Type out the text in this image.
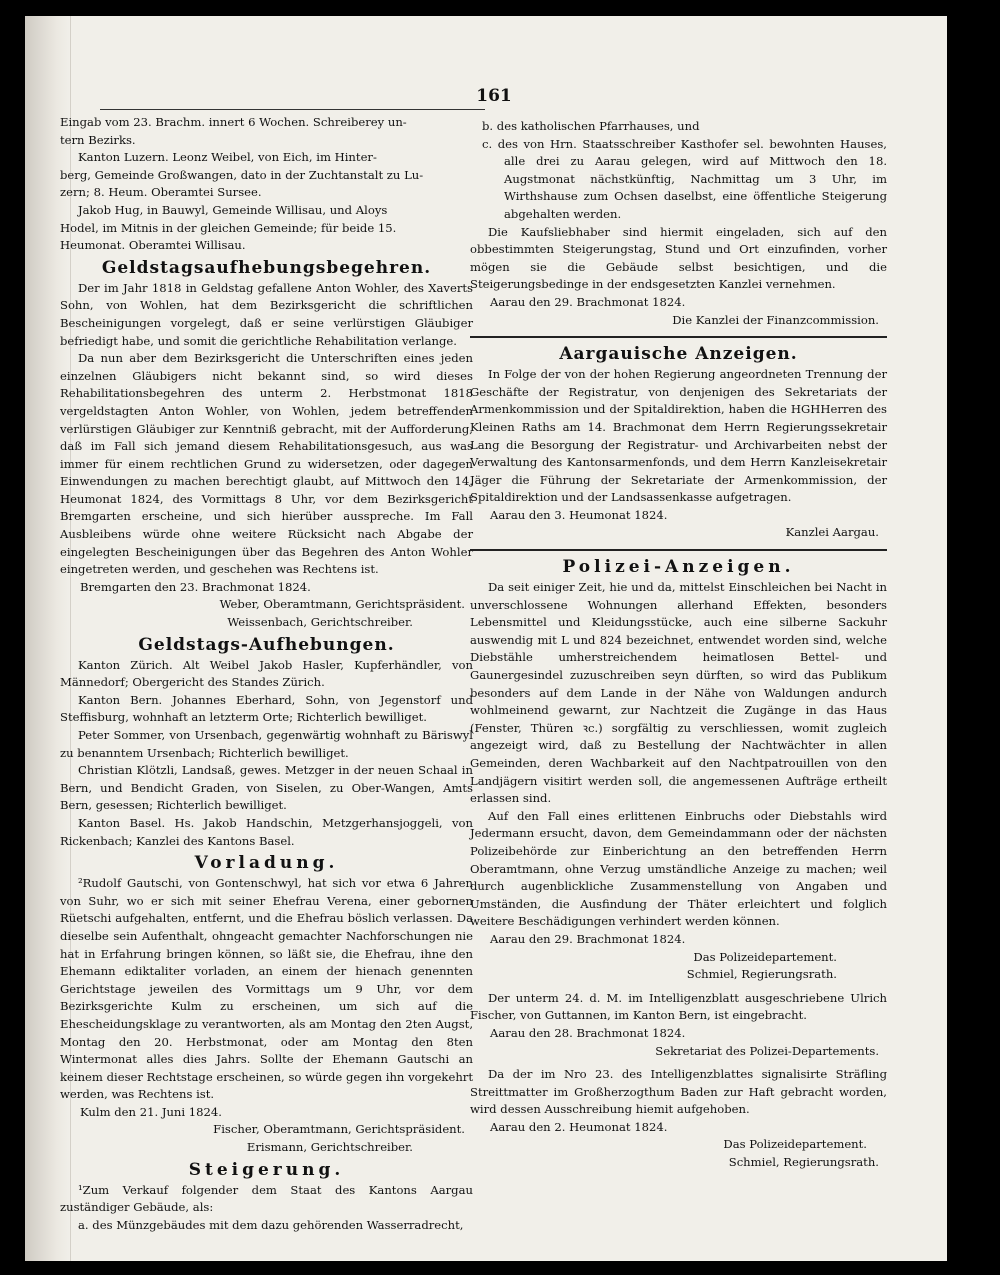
161

Eingab vom 23. Brachm. innert 6 Wochen. Schreiberey un-

tern Bezirks.

Kanton Luzern. Leonz Weibel, von Eich, im Hinter-

berg, Gemeinde Großwangen, dato in der Zuchtanstalt zu Lu-

zern; 8. Heum. Oberamtei Sursee.

Jakob Hug, in Bauwyl, Gemeinde Willisau, und Aloys

Hodel, im Mitnis in der gleichen Gemeinde; für beide 15.

Heumonat. Oberamtei Willisau.

Geldstagsaufhebungsbegehren.

Der im Jahr 1818 in Geldstag gefallene Anton Wohler, des Xaverts Sohn, von Wohlen, hat dem Bezirksgericht die schriftlichen Bescheinigungen vorgelegt, daß er seine verlürstigen Gläubiger befriedigt habe, und somit die gerichtliche Rehabilitation verlange.

Da nun aber dem Bezirksgericht die Unterschriften eines jeden einzelnen Gläubigers nicht bekannt sind, so wird dieses Rehabilitationsbegehren des unterm 2. Herbstmonat 1818 vergeldstagten Anton Wohler, von Wohlen, jedem betreffenden verlürstigen Gläubiger zur Kenntniß gebracht, mit der Aufforderung, daß im Fall sich jemand diesem Rehabilitationsgesuch, aus was immer für einem rechtlichen Grund zu widersetzen, oder dagegen Einwendungen zu machen berechtigt glaubt, auf Mittwoch den 14. Heumonat 1824, des Vormittags 8 Uhr, vor dem Bezirksgericht Bremgarten erscheine, und sich hierüber ausspreche. Im Fall Ausbleibens würde ohne weitere Rücksicht nach Abgabe der eingelegten Bescheinigungen über das Begehren des Anton Wohler eingetreten werden, und geschehen was Rechtens ist.

Bremgarten den 23. Brachmonat 1824.

Weber, Oberamtmann, Gerichtspräsident.

Weissenbach, Gerichtschreiber.

Geldstags-Aufhebungen.

Kanton Zürich. Alt Weibel Jakob Hasler, Kupferhändler, von Männedorf; Obergericht des Standes Zürich.

Kanton Bern. Johannes Eberhard, Sohn, von Jegenstorf und Steffisburg, wohnhaft an letzterm Orte; Richterlich bewilliget.

Peter Sommer, von Ursenbach, gegenwärtig wohnhaft zu Bäriswyl zu benanntem Ursenbach; Richterlich bewilliget.

Christian Klötzli, Landsaß, gewes. Metzger in der neuen Schaal in Bern, und Bendicht Graden, von Siselen, zu Ober-Wangen, Amts Bern, gesessen; Richterlich bewilliget.

Kanton Basel. Hs. Jakob Handschin, Metzgerhansjoggeli, von Rickenbach; Kanzlei des Kantons Basel.

Vorladung.

²Rudolf Gautschi, von Gontenschwyl, hat sich vor etwa 6 Jahren von Suhr, wo er sich mit seiner Ehefrau Verena, einer gebornen Rüetschi aufgehalten, entfernt, und die Ehefrau böslich verlassen. Da dieselbe sein Aufenthalt, ohngeacht gemachter Nachforschungen nie hat in Erfahrung bringen können, so läßt sie, die Ehefrau, ihne den Ehemann ediktaliter vorladen, an einem der hienach genennten Gerichtstage jeweilen des Vormittags um 9 Uhr, vor dem Bezirksgerichte Kulm zu erscheinen, um sich auf die Ehescheidungsklage zu verantworten, als am Montag den 2ten Augst, Montag den 20. Herbstmonat, oder am Montag den 8ten Wintermonat alles dies Jahrs. Sollte der Ehemann Gautschi an keinem dieser Rechtstage erscheinen, so würde gegen ihn vorgekehrt werden, was Rechtens ist.

Kulm den 21. Juni 1824.

Fischer, Oberamtmann, Gerichtspräsident.

Erismann, Gerichtschreiber.

Steigerung.

¹Zum Verkauf folgender dem Staat des Kantons Aargau zuständiger Gebäude, als:

a. des Münzgebäudes mit dem dazu gehörenden Wasserradrecht,

b. des katholischen Pfarrhauses, und

c. des von Hrn. Staatsschreiber Kasthofer sel. bewohnten Hauses, alle drei zu Aarau gelegen, wird auf Mittwoch den 18. Augstmonat nächstkünftig, Nachmittag um 3 Uhr, im Wirthshause zum Ochsen daselbst, eine öffentliche Steigerung abgehalten werden.

Die Kaufsliebhaber sind hiermit eingeladen, sich auf den obbestimmten Steigerungstag, Stund und Ort einzufinden, vorher mögen sie die Gebäude selbst besichtigen, und die Steigerungsbedinge in der endsgesetzten Kanzlei vernehmen.

Aarau den 29. Brachmonat 1824.

Die Kanzlei der Finanzcommission.

Aargauische Anzeigen.

In Folge der von der hohen Regierung angeordneten Trennung der Geschäfte der Registratur, von denjenigen des Sekretariats der Armenkommission und der Spitaldirektion, haben die HGHHerren des Kleinen Raths am 14. Brachmonat dem Herrn Regierungssekretair Lang die Besorgung der Registratur- und Archivarbeiten nebst der Verwaltung des Kantonsarmenfonds, und dem Herrn Kanzleisekretair Jäger die Führung der Sekretariate der Armenkommission, der Spitaldirektion und der Landsassenkasse aufgetragen.

Aarau den 3. Heumonat 1824.

Kanzlei Aargau.

Polizei-Anzeigen.

Da seit einiger Zeit, hie und da, mittelst Einschleichen bei Nacht in unverschlossene Wohnungen allerhand Effekten, besonders Lebensmittel und Kleidungsstücke, auch eine silberne Sackuhr auswendig mit L und 824 bezeichnet, entwendet worden sind, welche Diebstähle umherstreichendem heimatlosen Bettel- und Gaunergesindel zuzuschreiben seyn dürften, so wird das Publikum besonders auf dem Lande in der Nähe von Waldungen andurch wohlmeinend gewarnt, zur Nachtzeit die Zugänge in das Haus (Fenster, Thüren ꝛc.) sorgfältig zu verschliessen, womit zugleich angezeigt wird, daß zu Bestellung der Nachtwächter in allen Gemeinden, deren Wachbarkeit auf den Nachtpatrouillen von den Landjägern visitirt werden soll, die angemessenen Aufträge ertheilt erlassen sind.

Auf den Fall eines erlittenen Einbruchs oder Diebstahls wird Jedermann ersucht, davon, dem Gemeindammann oder der nächsten Polizeibehörde zur Einberichtung an den betreffenden Herrn Oberamtmann, ohne Verzug umständliche Anzeige zu machen; weil durch augenblickliche Zusammenstellung von Angaben und Umständen, die Ausfindung der Thäter erleichtert und folglich weitere Beschädigungen verhindert werden können.

Aarau den 29. Brachmonat 1824.

Das Polizeidepartement.

Schmiel, Regierungsrath.

Der unterm 24. d. M. im Intelligenzblatt ausgeschriebene Ulrich Fischer, von Guttannen, im Kanton Bern, ist eingebracht.

Aarau den 28. Brachmonat 1824.

Sekretariat des Polizei-Departements.

Da der im Nro 23. des Intelligenzblattes signalisirte Sträfling Streittmatter im Großherzogthum Baden zur Haft gebracht worden, wird dessen Ausschreibung hiemit aufgehoben.

Aarau den 2. Heumonat 1824.

Das Polizeidepartement.

Schmiel, Regierungsrath.
